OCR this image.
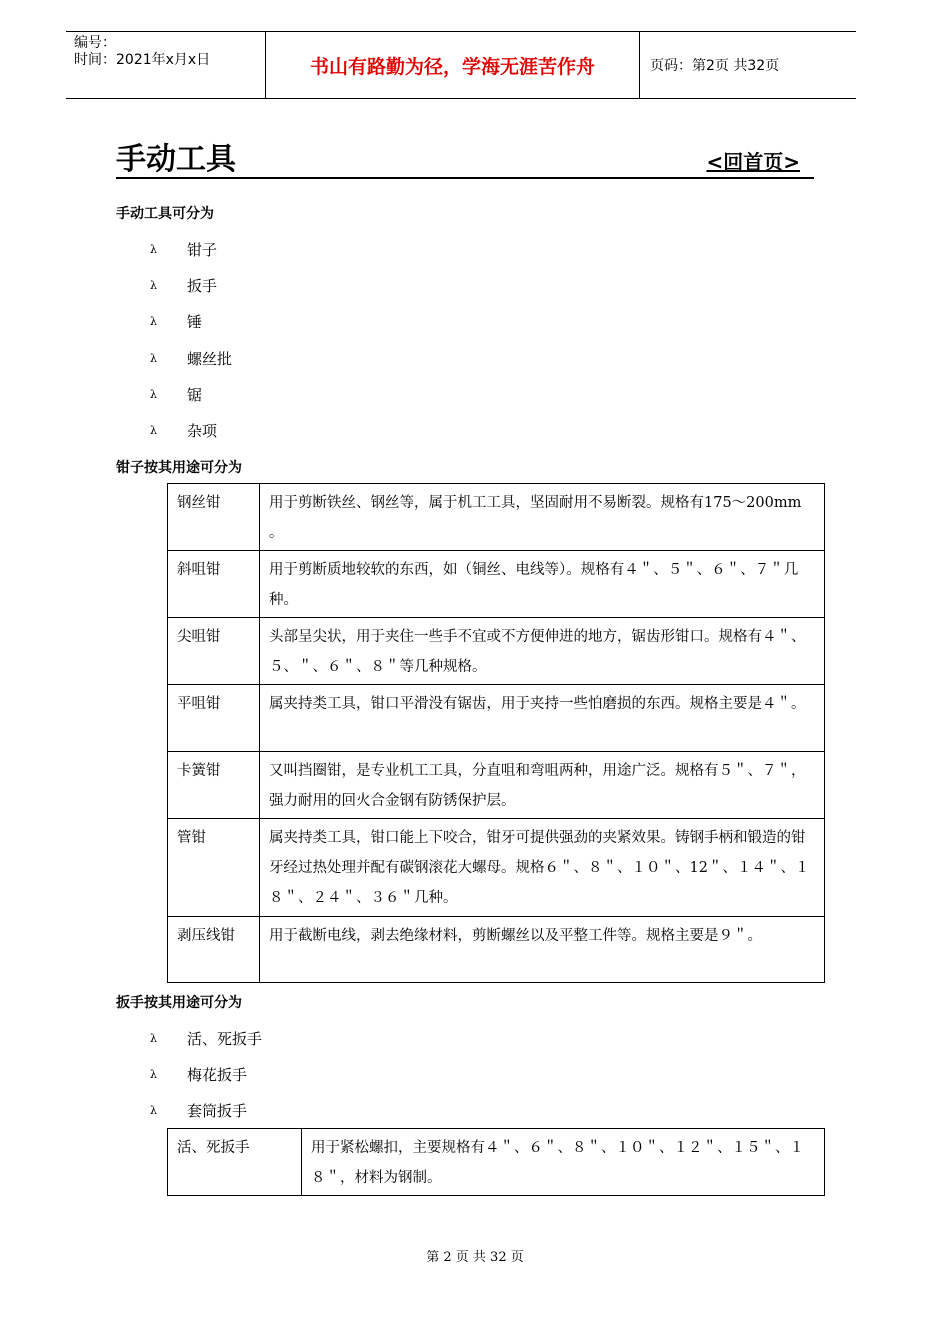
编号：
时间：2021年x月x日	书山有路勤为径，学海无涯苦作舟	页码：第2页 共32页
手动工具	<回首页>
手动工具可分为
λ	钳子
λ	扳手
λ	锤
λ	螺丝批
λ	锯
λ	杂项
钳子按其用途可分为
钢丝钳	用于剪断铁丝、钢丝等，属于机工工具，坚固耐用不易断裂。规格有175～200mm 。
斜咀钳	用于剪断质地较软的东西，如（铜丝、电线等）。规格有４＂、５＂、６＂、７＂几种。
尖咀钳	头部呈尖状，用于夹住一些手不宜或不方便伸进的地方，锯齿形钳口。规格有４＂、５、＂、６＂、８＂等几种规格。
平咀钳	属夹持类工具，钳口平滑没有锯齿，用于夹持一些怕磨损的东西。规格主要是４＂。
卡簧钳	又叫挡圈钳，是专业机工工具，分直咀和弯咀两种，用途广泛。规格有５＂、７＂，强力耐用的回火合金钢有防锈保护层。
管钳	属夹持类工具，钳口能上下咬合，钳牙可提供强劲的夹紧效果。铸钢手柄和锻造的钳牙经过热处理并配有碳钢滚花大螺母。规格６＂、８＂、１０＂、12＂、１４＂、１８＂、２４＂、３６＂几种。
剥压线钳	用于截断电线，剥去绝缘材料，剪断螺丝以及平整工件等。规格主要是９＂。
扳手按其用途可分为
λ	活、死扳手
λ	梅花扳手
λ	套筒扳手
活、死扳手	用于紧松螺扣，主要规格有４＂、６＂、８＂、１０＂、１２＂、１５＂、１８＂，材料为钢制。
第 2 页 共 32 页
